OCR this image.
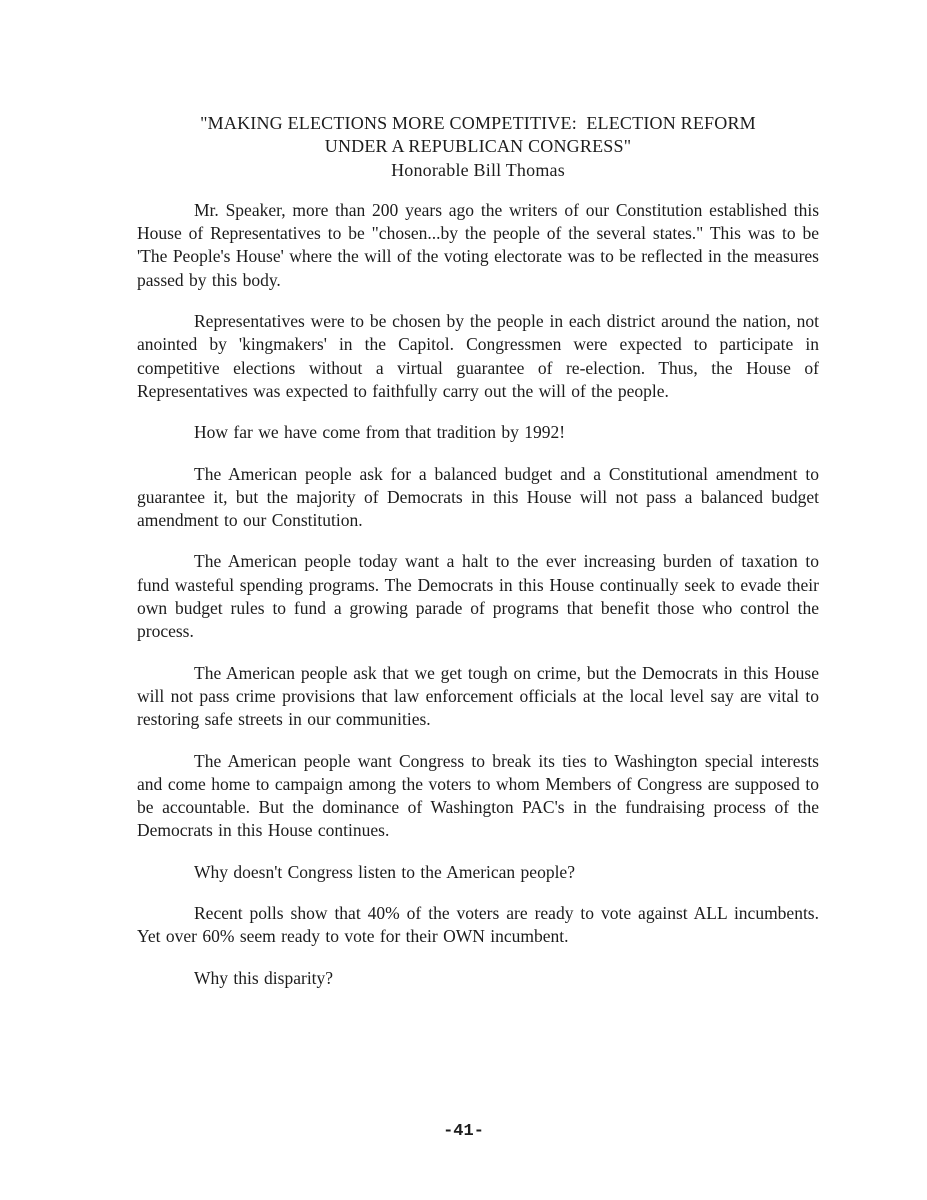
"MAKING ELECTIONS MORE COMPETITIVE:  ELECTION REFORM
UNDER A REPUBLICAN CONGRESS"
Honorable Bill Thomas

Mr. Speaker, more than 200 years ago the writers of our Constitution established this House of Representatives to be "chosen...by the people of the several states." This was to be 'The People's House' where the will of the voting electorate was to be reflected in the measures passed by this body.

Representatives were to be chosen by the people in each district around the nation, not anointed by 'kingmakers' in the Capitol. Congressmen were expected to participate in competitive elections without a virtual guarantee of re-election. Thus, the House of Representatives was expected to faithfully carry out the will of the people.

How far we have come from that tradition by 1992!

The American people ask for a balanced budget and a Constitutional amendment to guarantee it, but the majority of Democrats in this House will not pass a balanced budget amendment to our Constitution.

The American people today want a halt to the ever increasing burden of taxation to fund wasteful spending programs. The Democrats in this House continually seek to evade their own budget rules to fund a growing parade of programs that benefit those who control the process.

The American people ask that we get tough on crime, but the Democrats in this House will not pass crime provisions that law enforcement officials at the local level say are vital to restoring safe streets in our communities.

The American people want Congress to break its ties to Washington special interests and come home to campaign among the voters to whom Members of Congress are supposed to be accountable. But the dominance of Washington PAC's in the fundraising process of the Democrats in this House continues.

Why doesn't Congress listen to the American people?

Recent polls show that 40% of the voters are ready to vote against ALL incumbents. Yet over 60% seem ready to vote for their OWN incumbent.

Why this disparity?

-41-
